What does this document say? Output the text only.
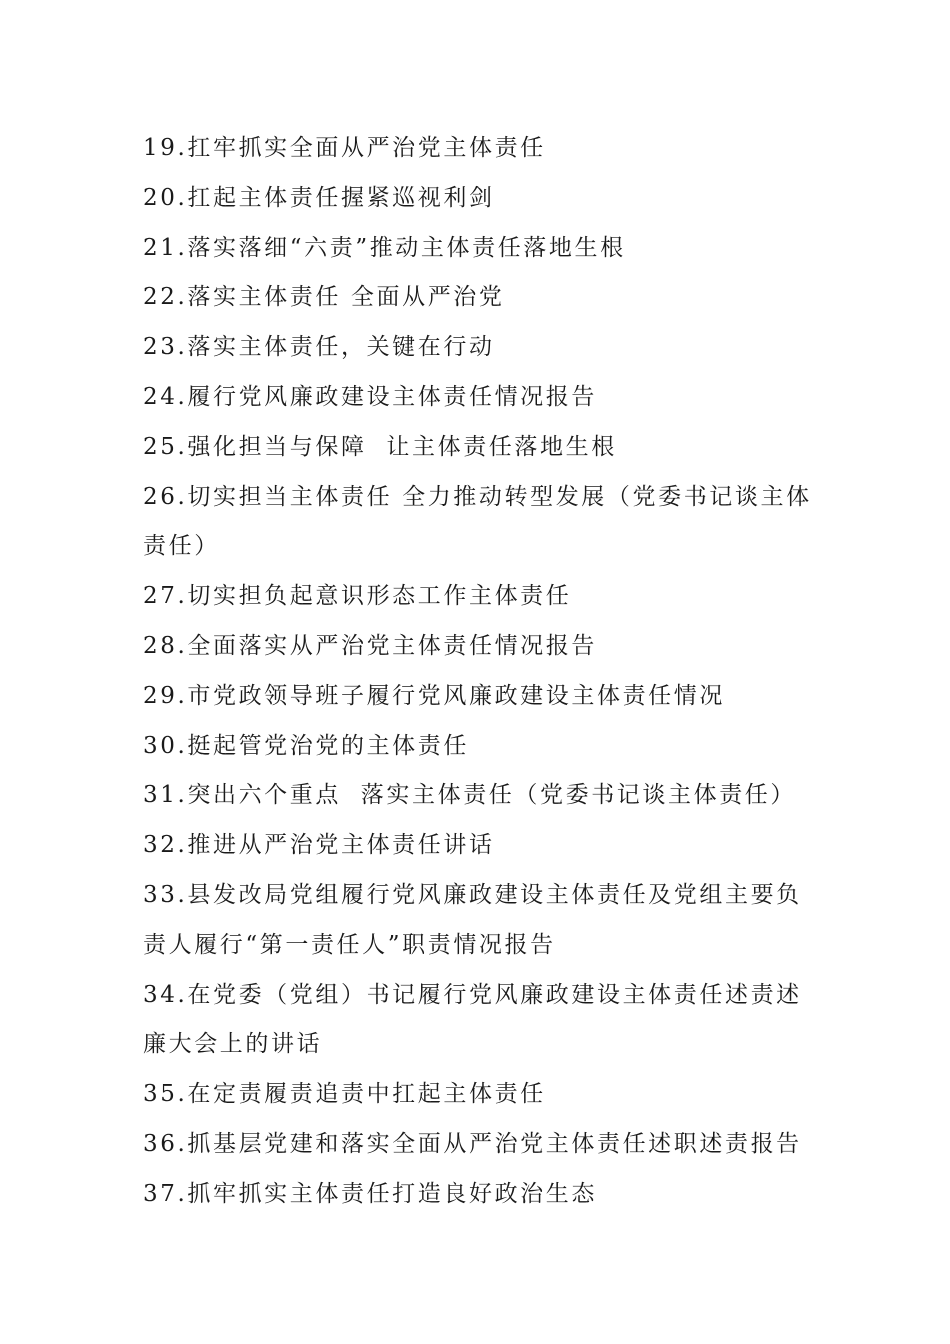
19.扛牢抓实全面从严治党主体责任
20.扛起主体责任握紧巡视利剑
21.落实落细“六责”推动主体责任落地生根
22.落实主体责任 全面从严治党
23.落实主体责任，关键在行动
24.履行党风廉政建设主体责任情况报告
25.强化担当与保障  让主体责任落地生根
26.切实担当主体责任 全力推动转型发展（党委书记谈主体责任）
27.切实担负起意识形态工作主体责任
28.全面落实从严治党主体责任情况报告
29.市党政领导班子履行党风廉政建设主体责任情况
30.挺起管党治党的主体责任
31.突出六个重点  落实主体责任（党委书记谈主体责任）
32.推进从严治党主体责任讲话
33.县发改局党组履行党风廉政建设主体责任及党组主要负责人履行“第一责任人”职责情况报告
34.在党委（党组）书记履行党风廉政建设主体责任述责述廉大会上的讲话
35.在定责履责追责中扛起主体责任
36.抓基层党建和落实全面从严治党主体责任述职述责报告
37.抓牢抓实主体责任打造良好政治生态
